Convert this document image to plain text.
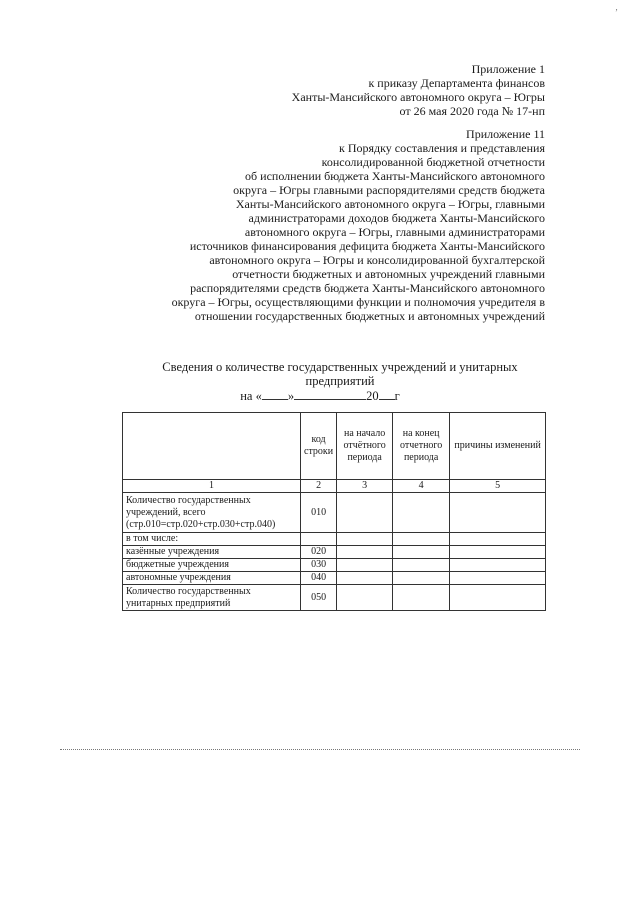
‚
Приложение 1
к приказу Департамента финансов
Ханты-Мансийского автономного округа – Югры
от 26 мая 2020 года № 17-нп
Приложение 11
к Порядку составления и представления
консолидированной бюджетной отчетности
об исполнении бюджета Ханты-Мансийского автономного
округа – Югры главными распорядителями средств бюджета
Ханты-Мансийского автономного округа – Югры, главными
администраторами доходов бюджета Ханты-Мансийского
автономного округа – Югры, главными администраторами
источников финансирования дефицита бюджета Ханты-Мансийского
автономного округа – Югры и консолидированной бухгалтерской
отчетности бюджетных и автономных учреждений главными
распорядителями средств бюджета Ханты-Мансийского автономного
округа – Югры, осуществляющими функции и полномочия учредителя в
отношении государственных бюджетных и автономных учреждений
Сведения о количестве государственных учреждений и унитарных
предприятий
на « »	20 г
	код строки	на начало отчётного периода	на конец отчетного периода	причины изменений
1	2	3	4	5
Количество государственных учреждений, всего (стр.010=стр.020+стр.030+стр.040)	010			
в том числе:				
казённые учреждения	020			
бюджетные учреждения	030			
автономные учреждения	040			
Количество государственных унитарных предприятий	050			
